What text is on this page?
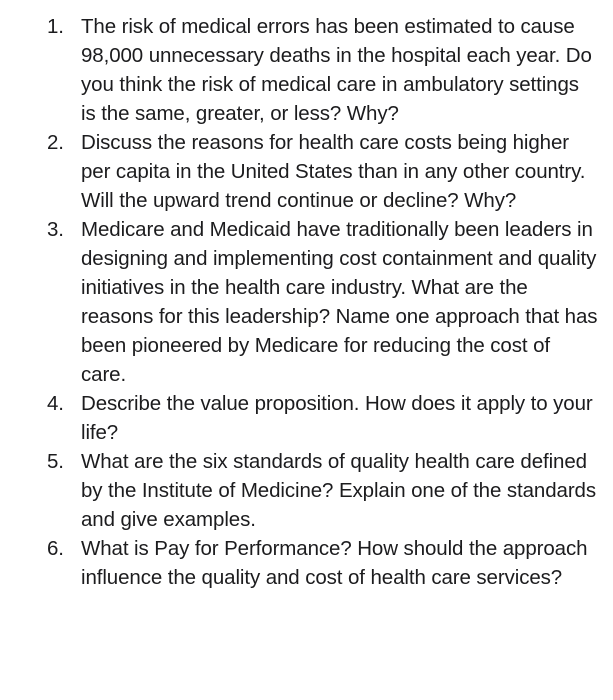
1. The risk of medical errors has been estimated to cause 98,000 unnecessary deaths in the hospital each year. Do you think the risk of medical care in ambulatory settings is the same, greater, or less? Why?
2. Discuss the reasons for health care costs being higher per capita in the United States than in any other country. Will the upward trend continue or decline? Why?
3. Medicare and Medicaid have traditionally been leaders in designing and implementing cost containment and quality initiatives in the health care industry. What are the reasons for this leadership? Name one approach that has been pioneered by Medicare for reducing the cost of care.
4. Describe the value proposition. How does it apply to your life?
5. What are the six standards of quality health care defined by the Institute of Medicine? Explain one of the standards and give examples.
6. What is Pay for Performance? How should the approach influence the quality and cost of health care services?
